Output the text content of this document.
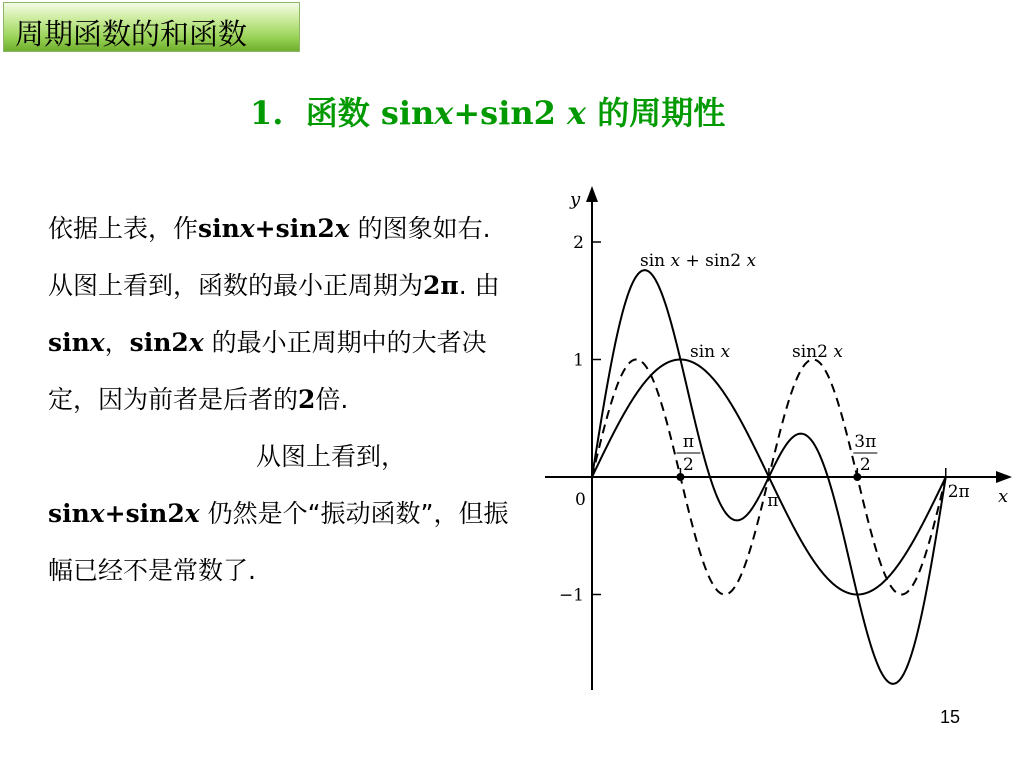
周期函数的和函数
1. 函数 sinx+sin2 x 的周期性

依据上表，作sinx+sin2x 的图象如右.

从图上看到，函数的最小正周期为2π. 由sinx，sin2x 的最小正周期中的大者决定，因为前者是后者的2倍.从图上看到，sinx+sin2x 仍然是个“振动函数”，但振幅已经不是常数了.

x
y
0
2
1
−1
π
2
π
3π
2
2π
sin x + sin2 x
sin x	sin2 x
15
